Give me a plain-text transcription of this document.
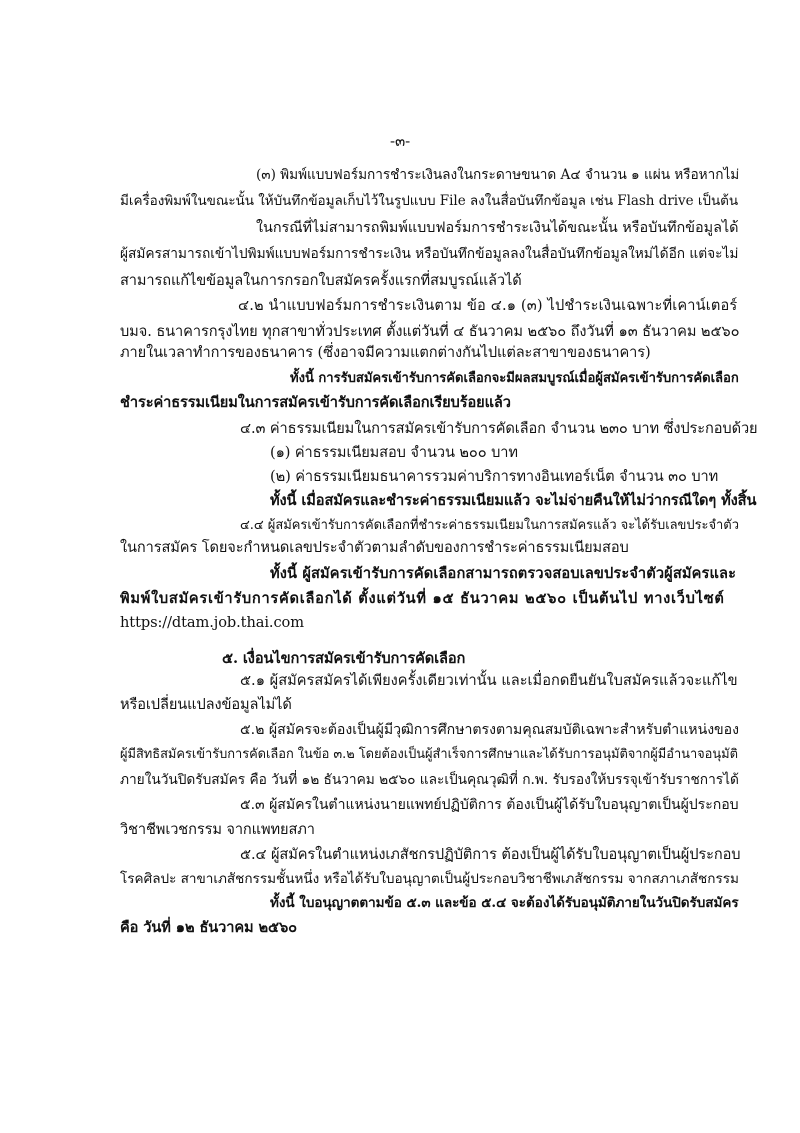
-๓-
(๓) พิมพ์แบบฟอร์มการชำระเงินลงในกระดาษขนาด A๔ จำนวน ๑ แผ่น หรือหากไม่
มีเครื่องพิมพ์ในขณะนั้น ให้บันทึกข้อมูลเก็บไว้ในรูปแบบ File ลงในสื่อบันทึกข้อมูล เช่น Flash drive เป็นต้น
ในกรณีที่ไม่สามารถพิมพ์แบบฟอร์มการชำระเงินได้ขณะนั้น หรือบันทึกข้อมูลได้
ผู้สมัครสามารถเข้าไปพิมพ์แบบฟอร์มการชำระเงิน หรือบันทึกข้อมูลลงในสื่อบันทึกข้อมูลใหม่ได้อีก แต่จะไม่
สามารถแก้ไขข้อมูลในการกรอกใบสมัครครั้งแรกที่สมบูรณ์แล้วได้
๔.๒ นำแบบฟอร์มการชำระเงินตาม ข้อ ๔.๑ (๓) ไปชำระเงินเฉพาะที่เคาน์เตอร์
บมจ. ธนาคารกรุงไทย ทุกสาขาทั่วประเทศ ตั้งแต่วันที่ ๔ ธันวาคม ๒๕๖๐ ถึงวันที่ ๑๓ ธันวาคม ๒๕๖๐
ภายในเวลาทำการของธนาคาร (ซึ่งอาจมีความแตกต่างกันไปแต่ละสาขาของธนาคาร)
ทั้งนี้ การรับสมัครเข้ารับการคัดเลือกจะมีผลสมบูรณ์เมื่อผู้สมัครเข้ารับการคัดเลือก
ชำระค่าธรรมเนียมในการสมัครเข้ารับการคัดเลือกเรียบร้อยแล้ว
๔.๓ ค่าธรรมเนียมในการสมัครเข้ารับการคัดเลือก จำนวน ๒๓๐ บาท ซึ่งประกอบด้วย
(๑) ค่าธรรมเนียมสอบ จำนวน ๒๐๐ บาท
(๒) ค่าธรรมเนียมธนาคารรวมค่าบริการทางอินเทอร์เน็ต จำนวน ๓๐ บาท
ทั้งนี้ เมื่อสมัครและชำระค่าธรรมเนียมแล้ว จะไม่จ่ายคืนให้ไม่ว่ากรณีใดๆ ทั้งสิ้น
๔.๔ ผู้สมัครเข้ารับการคัดเลือกที่ชำระค่าธรรมเนียมในการสมัครแล้ว จะได้รับเลขประจำตัว
ในการสมัคร โดยจะกำหนดเลขประจำตัวตามลำดับของการชำระค่าธรรมเนียมสอบ
ทั้งนี้ ผู้สมัครเข้ารับการคัดเลือกสามารถตรวจสอบเลขประจำตัวผู้สมัครและ
พิมพ์ใบสมัครเข้ารับการคัดเลือกได้ ตั้งแต่วันที่ ๑๕ ธันวาคม ๒๕๖๐ เป็นต้นไป ทางเว็บไซต์
https://dtam.job.thai.com
๕. เงื่อนไขการสมัครเข้ารับการคัดเลือก
๕.๑ ผู้สมัครสมัครได้เพียงครั้งเดียวเท่านั้น และเมื่อกดยืนยันใบสมัครแล้วจะแก้ไข
หรือเปลี่ยนแปลงข้อมูลไม่ได้
๕.๒ ผู้สมัครจะต้องเป็นผู้มีวุฒิการศึกษาตรงตามคุณสมบัติเฉพาะสำหรับตำแหน่งของ
ผู้มีสิทธิสมัครเข้ารับการคัดเลือก ในข้อ ๓.๒ โดยต้องเป็นผู้สำเร็จการศึกษาและได้รับการอนุมัติจากผู้มีอำนาจอนุมัติ
ภายในวันปิดรับสมัคร คือ วันที่ ๑๒ ธันวาคม ๒๕๖๐ และเป็นคุณวุฒิที่ ก.พ. รับรองให้บรรจุเข้ารับราชการได้
๕.๓ ผู้สมัครในตำแหน่งนายแพทย์ปฏิบัติการ ต้องเป็นผู้ได้รับใบอนุญาตเป็นผู้ประกอบ
วิชาชีพเวชกรรม จากแพทยสภา
๕.๔ ผู้สมัครในตำแหน่งเภสัชกรปฏิบัติการ ต้องเป็นผู้ได้รับใบอนุญาตเป็นผู้ประกอบ
โรคศิลปะ สาขาเภสัชกรรมชั้นหนึ่ง หรือได้รับใบอนุญาตเป็นผู้ประกอบวิชาชีพเภสัชกรรม จากสภาเภสัชกรรม
ทั้งนี้ ใบอนุญาตตามข้อ ๕.๓ และข้อ ๕.๔ จะต้องได้รับอนุมัติภายในวันปิดรับสมัคร
คือ วันที่ ๑๒ ธันวาคม ๒๕๖๐
